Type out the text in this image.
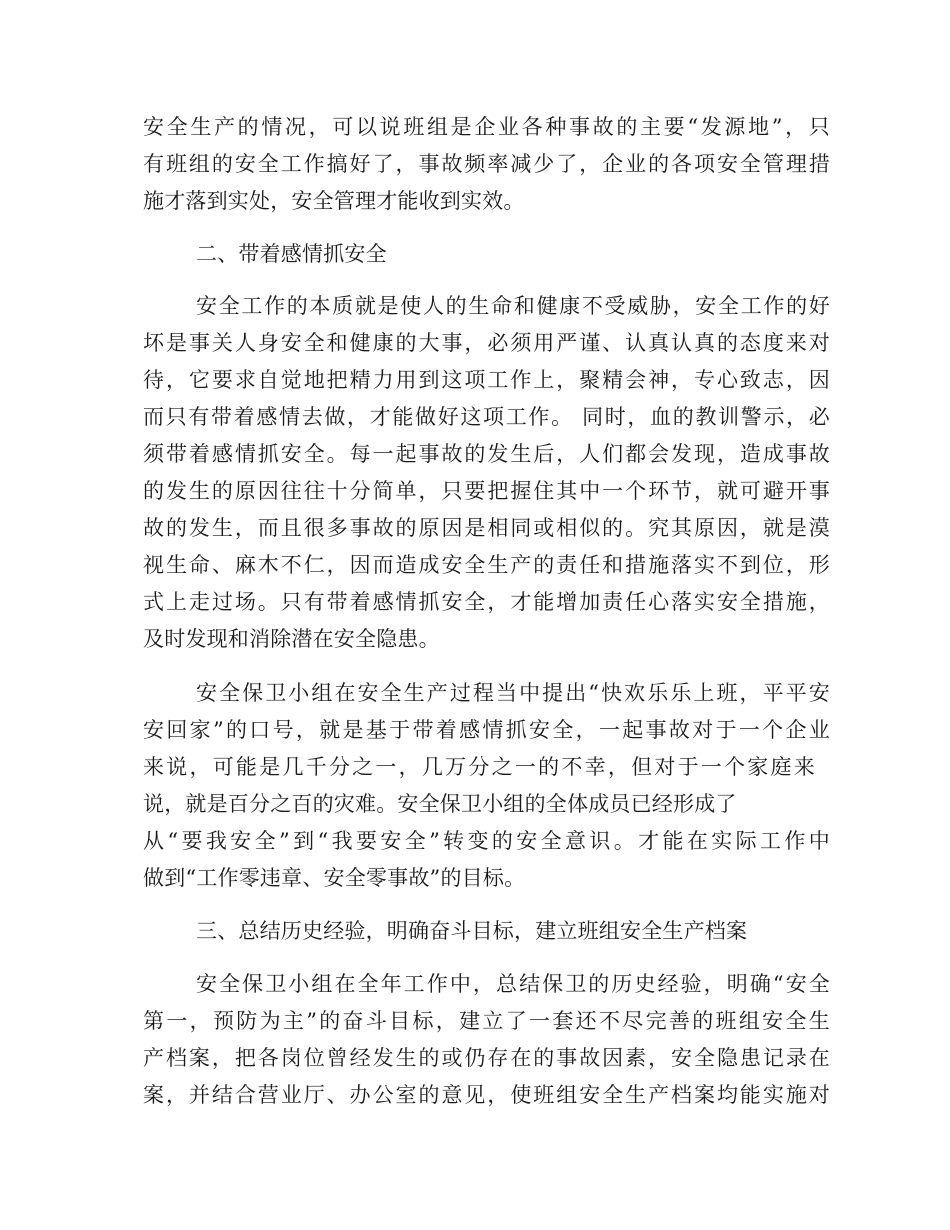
安全生产的情况，可以说班组是企业各种事故的主要“发源地”，只
有班组的安全工作搞好了，事故频率减少了，企业的各项安全管理措
施才落到实处，安全管理才能收到实效。
二、带着感情抓安全
安全工作的本质就是使人的生命和健康不受威胁，安全工作的好
坏是事关人身安全和健康的大事，必须用严谨、认真认真的态度来对
待，它要求自觉地把精力用到这项工作上，聚精会神，专心致志，因
而只有带着感情去做，才能做好这项工作。 同时，血的教训警示，必
须带着感情抓安全。每一起事故的发生后，人们都会发现，造成事故
的发生的原因往往十分简单，只要把握住其中一个环节，就可避开事
故的发生，而且很多事故的原因是相同或相似的。究其原因，就是漠
视生命、麻木不仁，因而造成安全生产的责任和措施落实不到位，形
式上走过场。只有带着感情抓安全，才能增加责任心落实安全措施，
及时发现和消除潜在安全隐患。
安全保卫小组在安全生产过程当中提出“快欢乐乐上班，平平安
安回家”的口号，就是基于带着感情抓安全，一起事故对于一个企业
来说，可能是几千分之一，几万分之一的不幸，但对于一个家庭来
说，就是百分之百的灾难。安全保卫小组的全体成员已经形成了
从“要我安全”到“我要安全”转变的安全意识。才能在实际工作中
做到“工作零违章、安全零事故”的目标。
三、总结历史经验，明确奋斗目标，建立班组安全生产档案
安全保卫小组在全年工作中，总结保卫的历史经验，明确“安全
第一，预防为主”的奋斗目标，建立了一套还不尽完善的班组安全生
产档案，把各岗位曾经发生的或仍存在的事故因素，安全隐患记录在
案，并结合营业厅、办公室的意见，使班组安全生产档案均能实施对
